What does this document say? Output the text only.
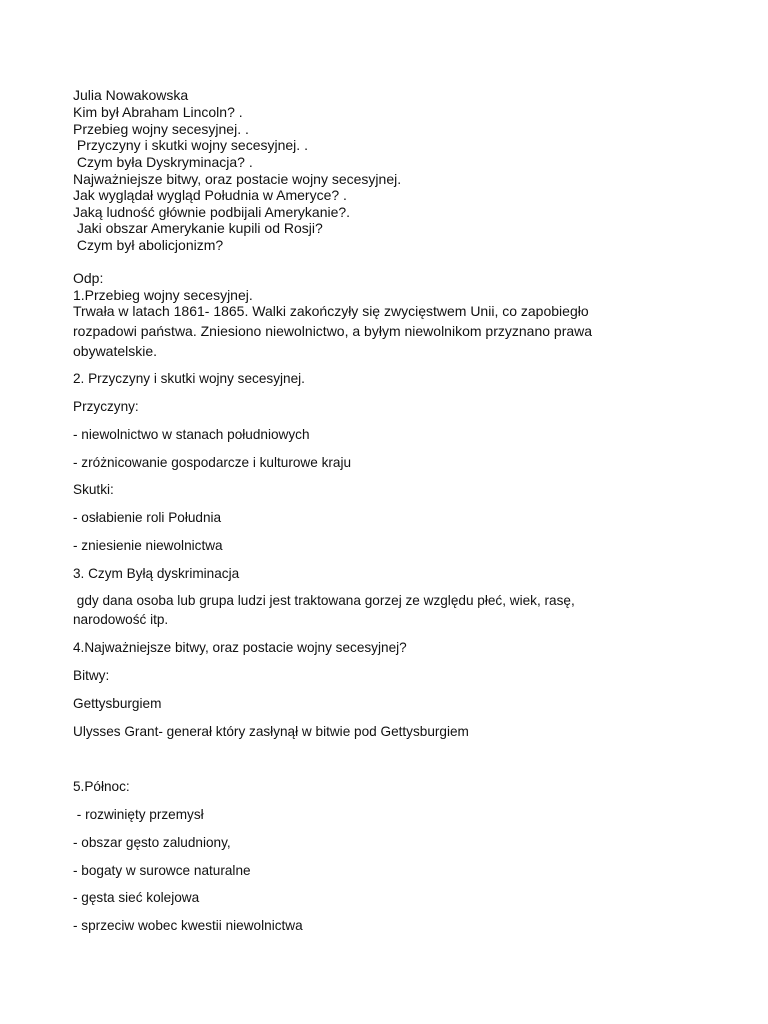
Julia Nowakowska
Kim był Abraham Lincoln? .
Przebieg wojny secesyjnej. .
Przyczyny i skutki wojny secesyjnej. .
Czym była Dyskryminacja? .
Najważniejsze bitwy, oraz postacie wojny secesyjnej.
Jak wyglądał wygląd Południa w Ameryce? .
Jaką ludność głównie podbijali Amerykanie?.
Jaki obszar Amerykanie kupili od Rosji?
Czym był abolicjonizm?
Odp:
1.Przebieg wojny secesyjnej.
Trwała w latach 1861- 1865. Walki zakończyły się zwycięstwem Unii, co zapobiegło
rozpadowi państwa. Zniesiono niewolnictwo, a byłym niewolnikom przyznano prawa
obywatelskie.
2. Przyczyny i skutki wojny secesyjnej.
Przyczyny:
- niewolnictwo w stanach południowych
- zróżnicowanie gospodarcze i kulturowe kraju
Skutki:
- osłabienie roli Południa
- zniesienie niewolnictwa
3. Czym Byłą dyskriminacja
gdy dana osoba lub grupa ludzi jest traktowana gorzej ze względu płeć, wiek, rasę,
narodowość itp.
4.Najważniejsze bitwy, oraz postacie wojny secesyjnej?
Bitwy:
Gettysburgiem
Ulysses Grant- generał który zasłynął w bitwie pod Gettysburgiem
5.Północ:
- rozwinięty przemysł
- obszar gęsto zaludniony,
- bogaty w surowce naturalne
- gęsta sieć kolejowa
- sprzeciw wobec kwestii niewolnictwa
